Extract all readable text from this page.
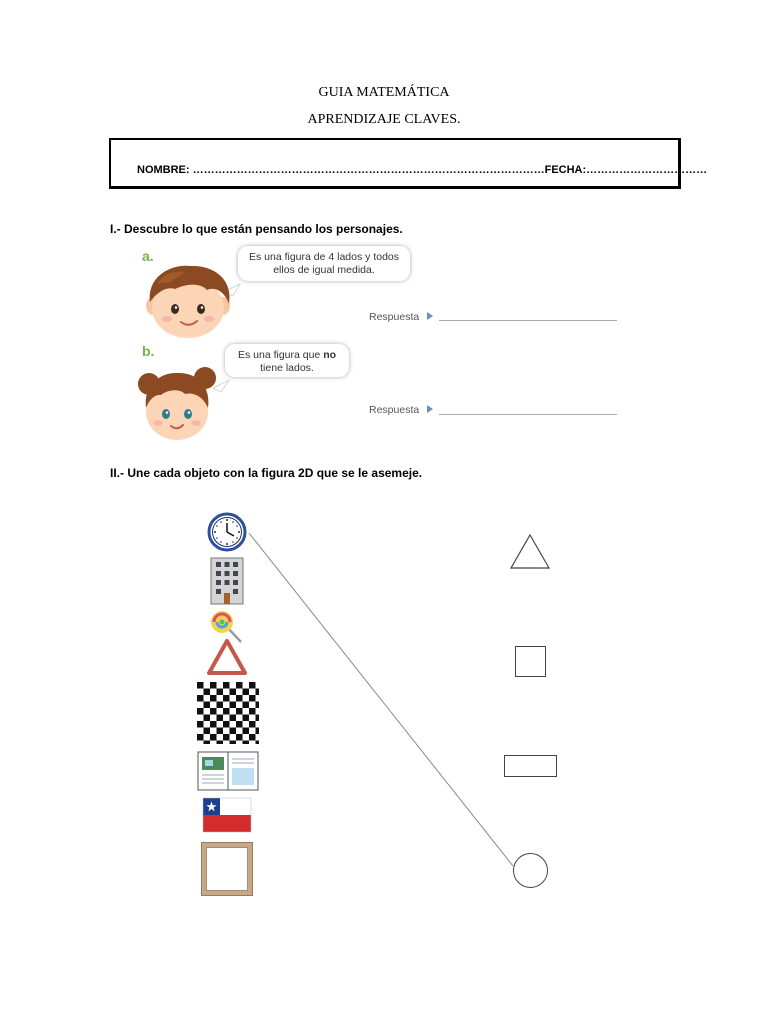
GUIA MATEMÁTICA
APRENDIZAJE CLAVES.
NOMBRE: ……………………………………………………………………………………FECHA:……………………………
I.- Descubre lo que están pensando los personajes.
a.	Es una figura de 4 lados y todos ellos de igual medida.
Respuesta
b.	Es una figura que no tiene lados.
Respuesta
II.- Une cada objeto con la figura 2D que se le asemeje.
